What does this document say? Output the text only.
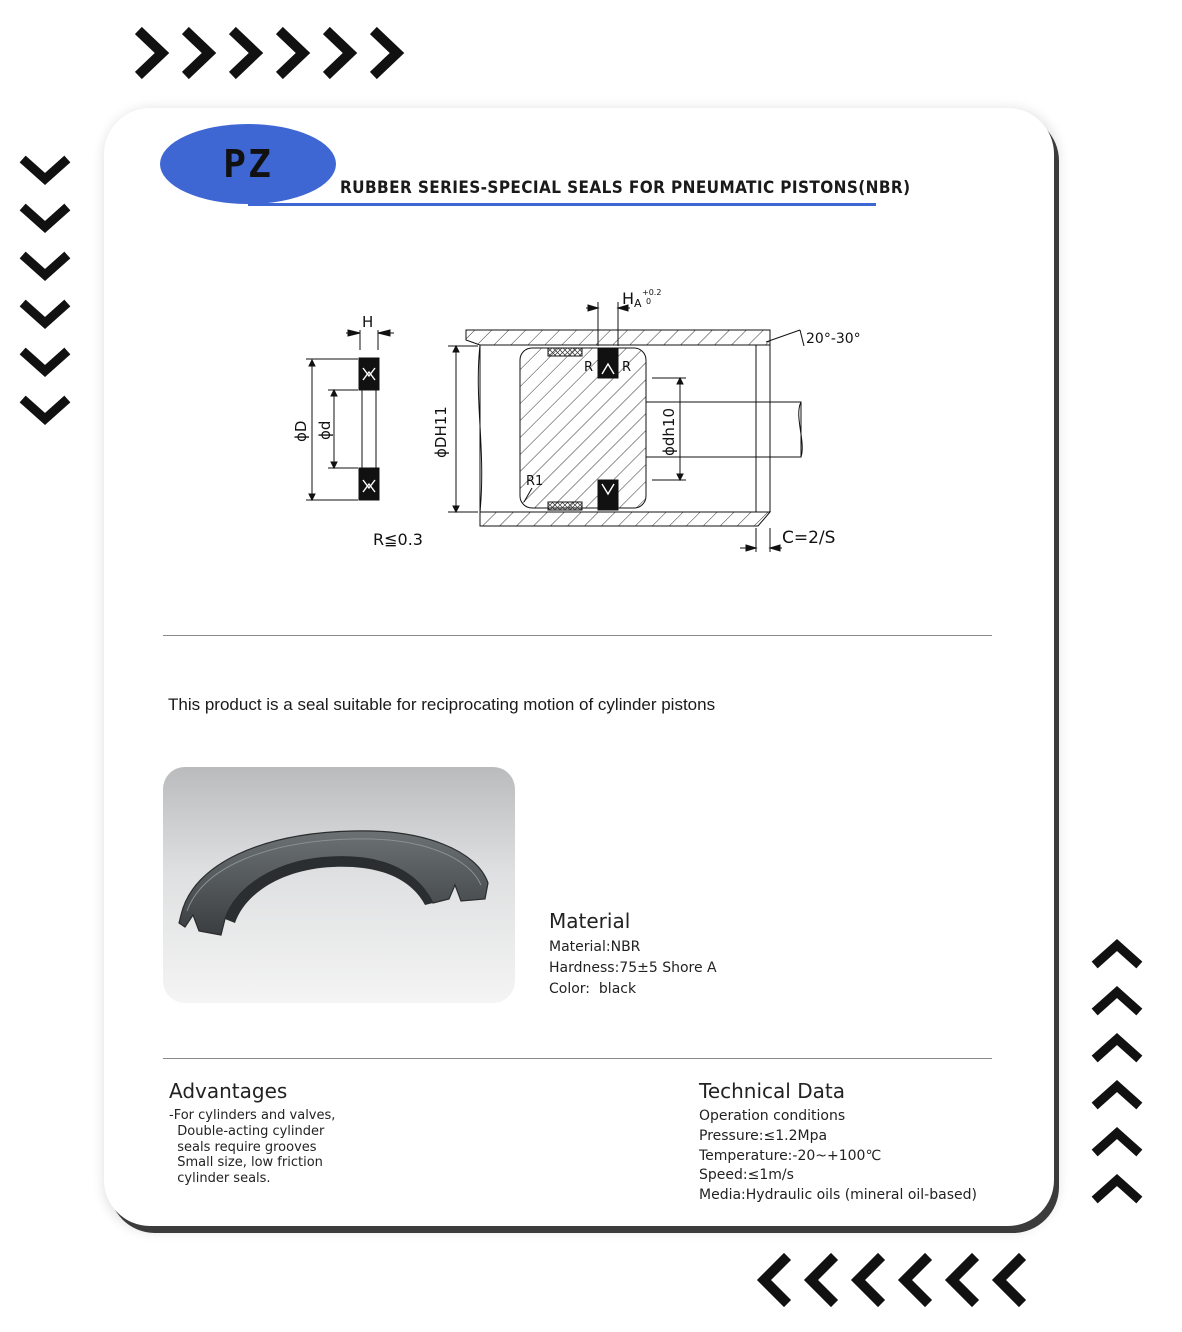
PZ
RUBBER SERIES-SPECIAL SEALS FOR PNEUMATIC PISTONS(NBR)
H
ϕD ϕd
R≦0.3
HA
+0.2
0
R R
R1
20°-30°
ϕDH11	ϕdh10
C=2/S
This product is a seal suitable for reciprocating motion of cylinder pistons
Material
Material:NBR
Hardness:75±5 Shore A
Color:  black
Advantages
-For cylinders and valves,
Double-acting cylinder
seals require grooves
Small size, low friction
cylinder seals.
Technical Data
Operation conditions
Pressure:≤1.2Mpa
Temperature:-20~+100℃
Speed:≤1m/s
Media:Hydraulic oils (mineral oil-based)
